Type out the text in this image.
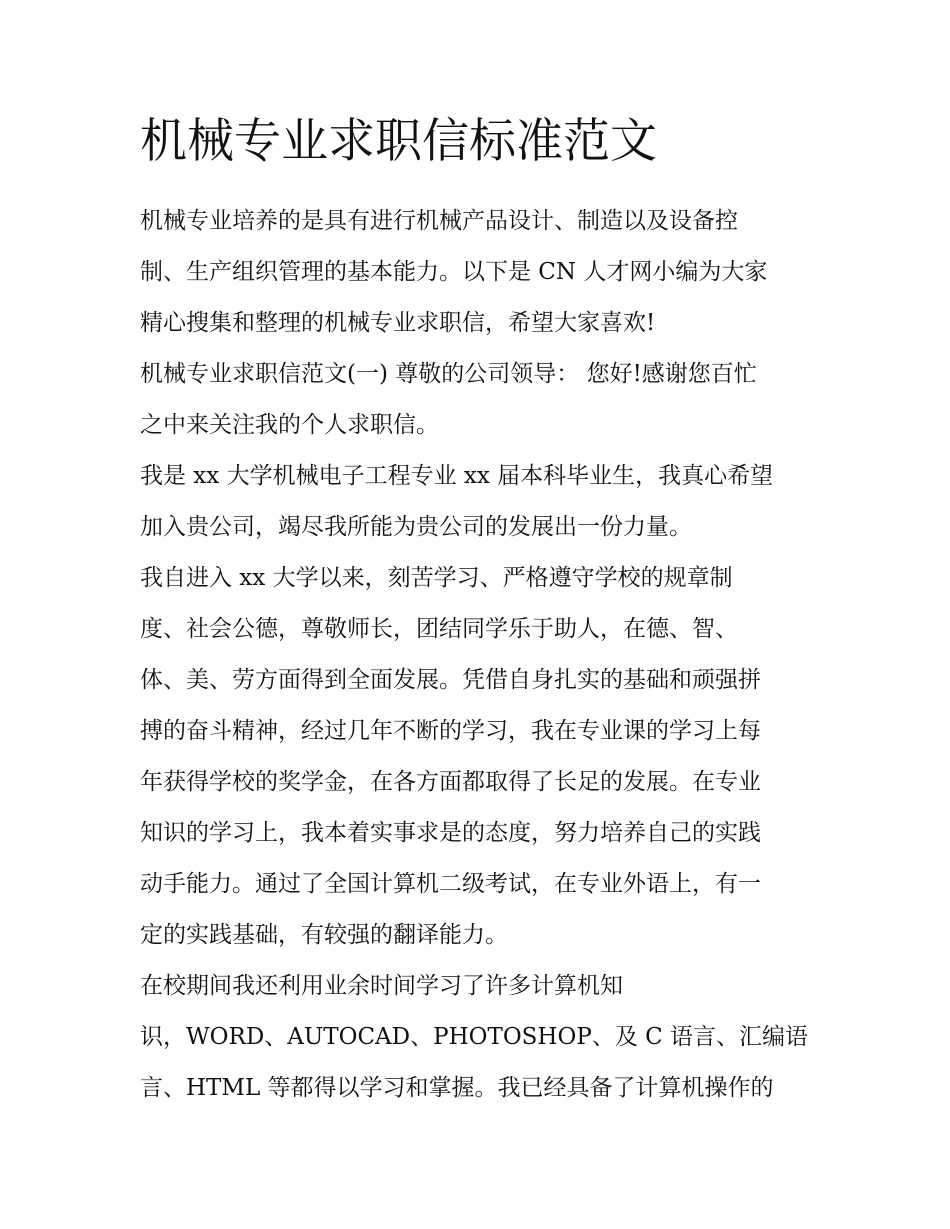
机械专业求职信标准范文
机械专业培养的是具有进行机械产品设计、制造以及设备控
制、生产组织管理的基本能力。以下是 CN 人才网小编为大家
精心搜集和整理的机械专业求职信，希望大家喜欢!
机械专业求职信范文(一) 尊敬的公司领导： 您好!感谢您百忙
之中来关注我的个人求职信。
我是 xx 大学机械电子工程专业 xx 届本科毕业生，我真心希望
加入贵公司，竭尽我所能为贵公司的发展出一份力量。
我自进入 xx 大学以来，刻苦学习、严格遵守学校的规章制
度、社会公德，尊敬师长，团结同学乐于助人，在德、智、
体、美、劳方面得到全面发展。凭借自身扎实的基础和顽强拼
搏的奋斗精神，经过几年不断的学习，我在专业课的学习上每
年获得学校的奖学金，在各方面都取得了长足的发展。在专业
知识的学习上，我本着实事求是的态度，努力培养自己的实践
动手能力。通过了全国计算机二级考试，在专业外语上，有一
定的实践基础，有较强的翻译能力。
在校期间我还利用业余时间学习了许多计算机知
识，WORD、AUTOCAD、PHOTOSHOP、及 C 语言、汇编语
言、HTML 等都得以学习和掌握。我已经具备了计算机操作的
